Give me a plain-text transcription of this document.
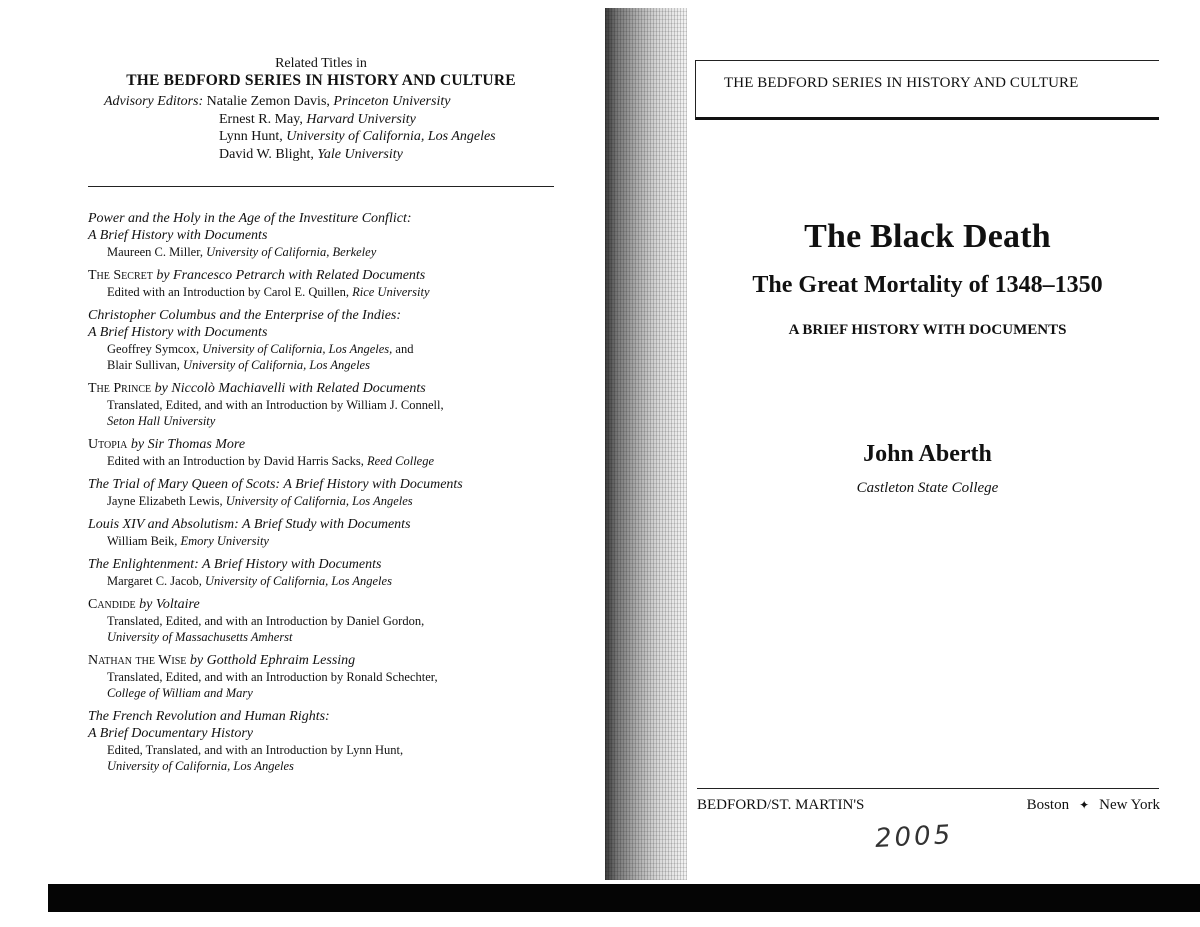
Related Titles in
THE BEDFORD SERIES IN HISTORY AND CULTURE
Advisory Editors: Natalie Zemon Davis, Princeton University
Ernest R. May, Harvard University
Lynn Hunt, University of California, Los Angeles
David W. Blight, Yale University
Power and the Holy in the Age of the Investiture Conflict:
A Brief History with Documents
Maureen C. Miller, University of California, Berkeley
The Secret by Francesco Petrarch with Related Documents
Edited with an Introduction by Carol E. Quillen, Rice University
Christopher Columbus and the Enterprise of the Indies:
A Brief History with Documents
Geoffrey Symcox, University of California, Los Angeles, and
Blair Sullivan, University of California, Los Angeles
The Prince by Niccolò Machiavelli with Related Documents
Translated, Edited, and with an Introduction by William J. Connell,
Seton Hall University
Utopia by Sir Thomas More
Edited with an Introduction by David Harris Sacks, Reed College
The Trial of Mary Queen of Scots: A Brief History with Documents
Jayne Elizabeth Lewis, University of California, Los Angeles
Louis XIV and Absolutism: A Brief Study with Documents
William Beik, Emory University
The Enlightenment: A Brief History with Documents
Margaret C. Jacob, University of California, Los Angeles
Candide by Voltaire
Translated, Edited, and with an Introduction by Daniel Gordon,
University of Massachusetts Amherst
Nathan the Wise by Gotthold Ephraim Lessing
Translated, Edited, and with an Introduction by Ronald Schechter,
College of William and Mary
The French Revolution and Human Rights:
A Brief Documentary History
Edited, Translated, and with an Introduction by Lynn Hunt,
University of California, Los Angeles
THE BEDFORD SERIES IN HISTORY AND CULTURE
The Black Death
The Great Mortality of 1348–1350
A BRIEF HISTORY WITH DOCUMENTS
John Aberth
Castleton State College
BEDFORD/ST. MARTIN'S	Boston ✦ New York
2005
